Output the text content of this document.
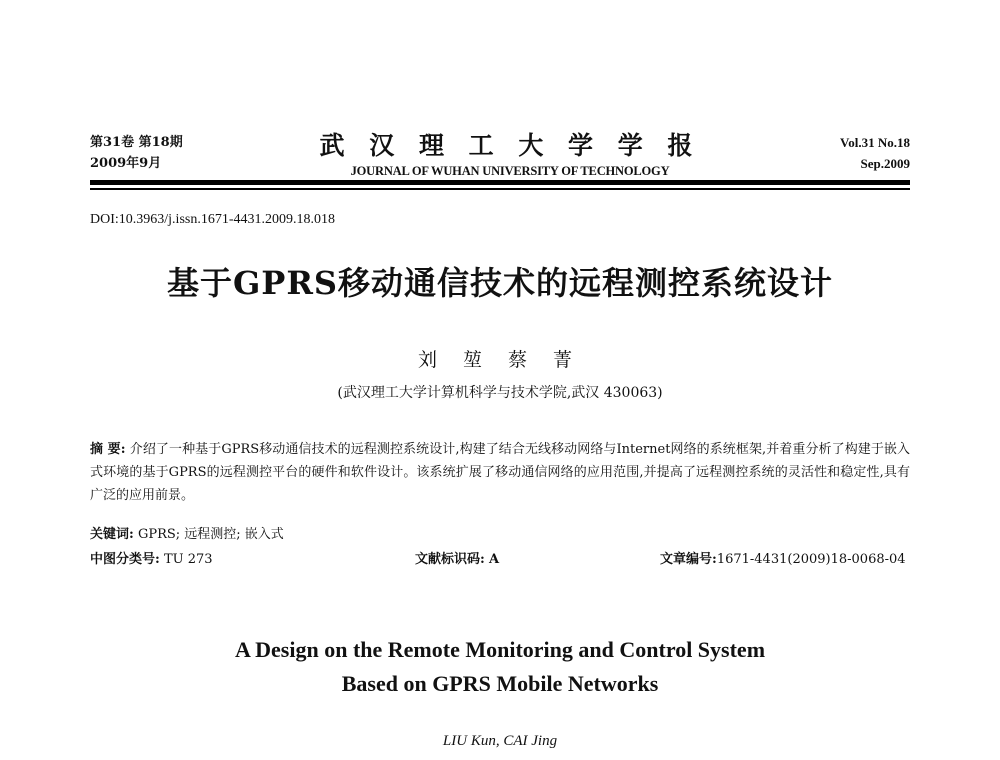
第31卷 第18期
2009年9月
武 汉 理 工 大 学 学 报
JOURNAL OF WUHAN UNIVERSITY OF TECHNOLOGY
Vol.31 No.18
Sep.2009
DOI:10.3963/j.issn.1671-4431.2009.18.018
基于GPRS移动通信技术的远程测控系统设计
刘 堃 蔡 菁
(武汉理工大学计算机科学与技术学院,武汉 430063)
摘 要: 介绍了一种基于GPRS移动通信技术的远程测控系统设计,构建了结合无线移动网络与Internet网络的系统框架,并着重分析了构建于嵌入式环境的基于GPRS的远程测控平台的硬件和软件设计。该系统扩展了移动通信网络的应用范围,并提高了远程测控系统的灵活性和稳定性,具有广泛的应用前景。
关键词: GPRS; 远程测控; 嵌入式
中图分类号: TU 273	文献标识码: A	文章编号:1671-4431(2009)18-0068-04
A Design on the Remote Monitoring and Control System
Based on GPRS Mobile Networks
LIU Kun, CAI Jing
